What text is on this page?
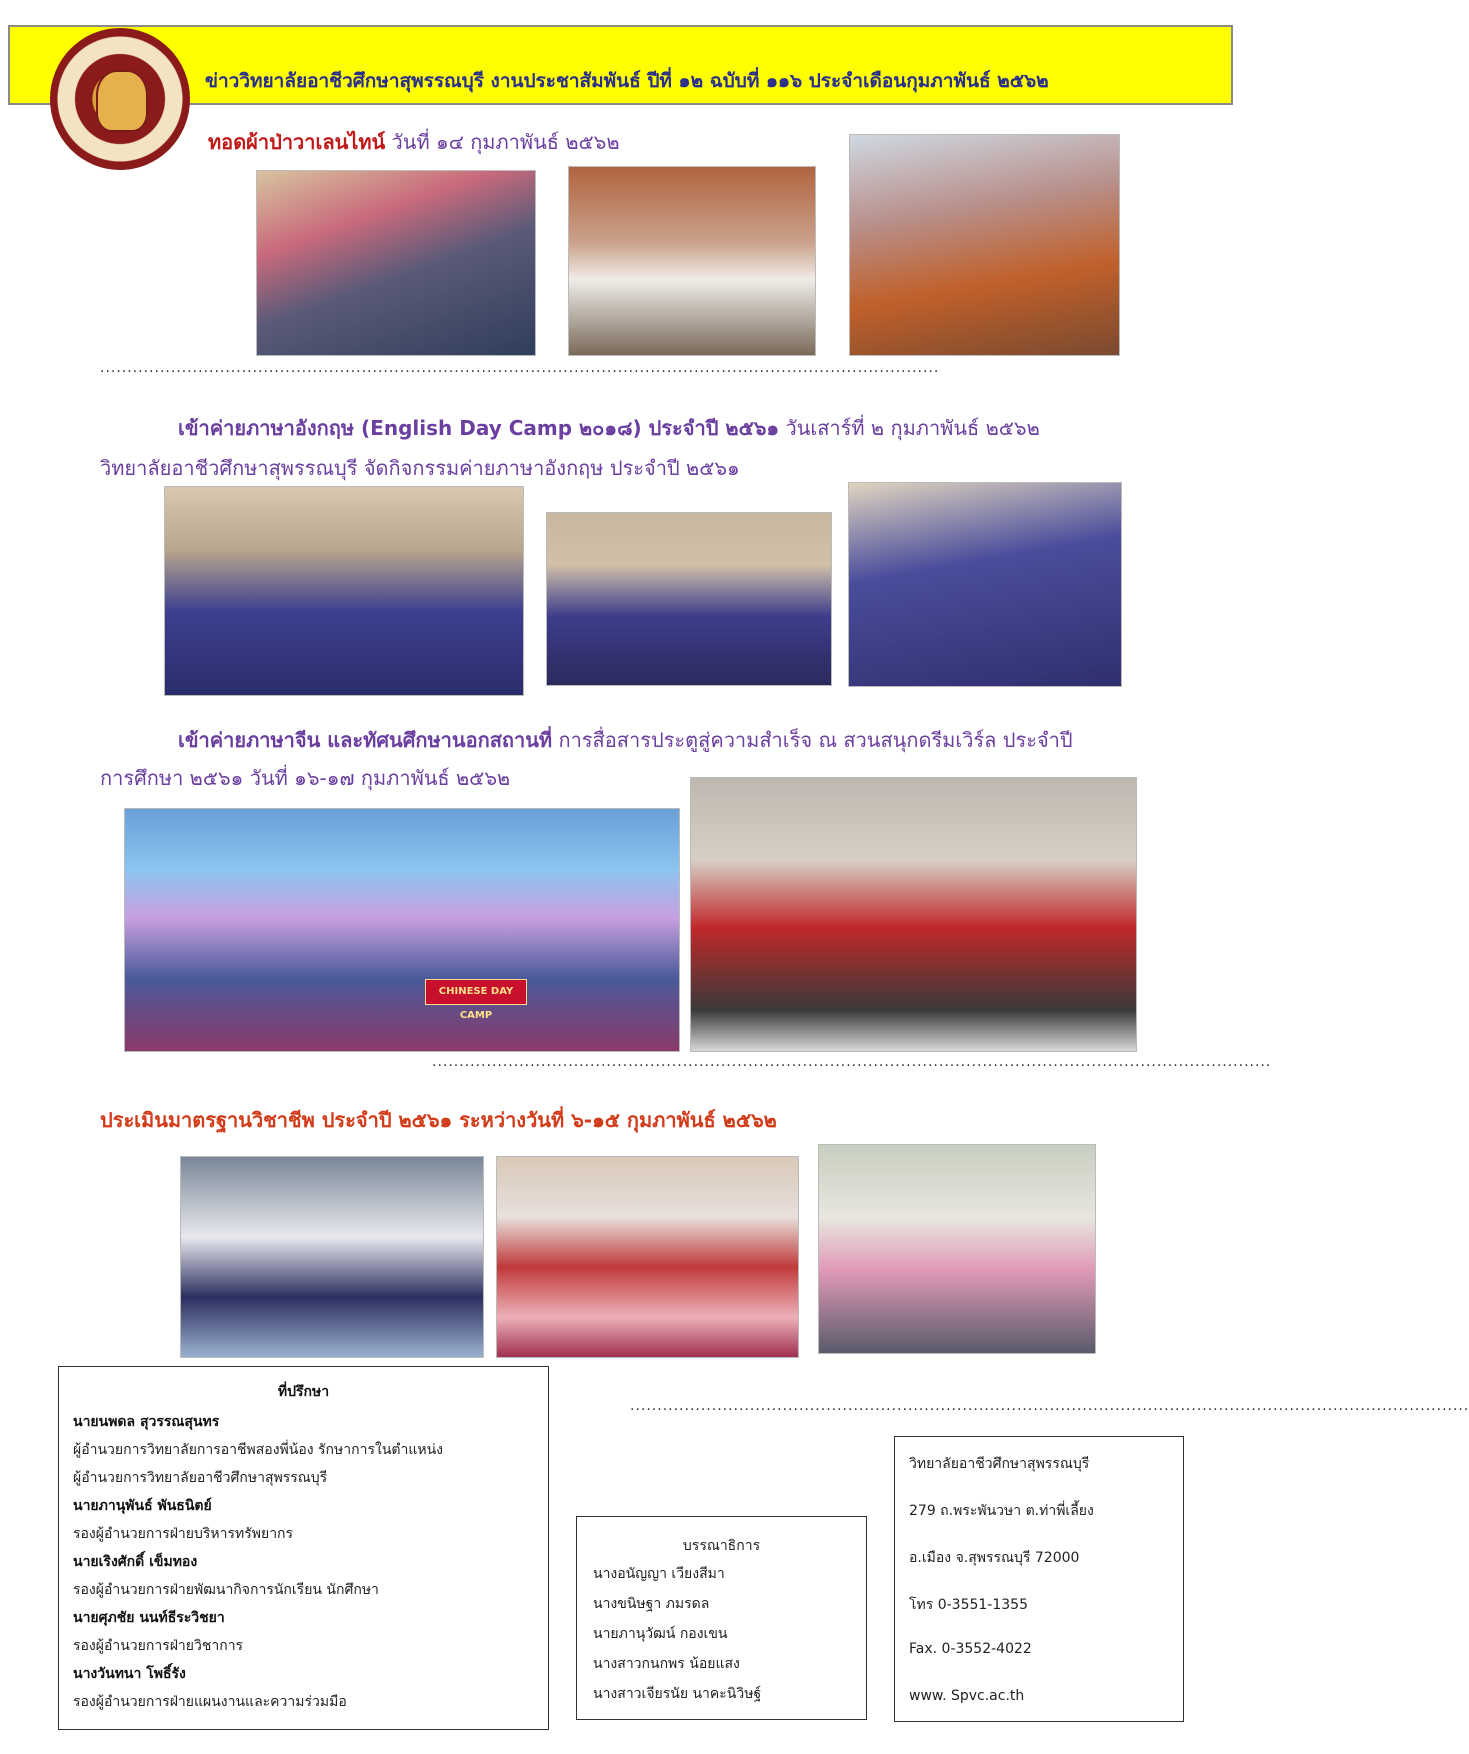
ข่าววิทยาลัยอาชีวศึกษาสุพรรณบุรี งานประชาสัมพันธ์ ปีที่ ๑๒ ฉบับที่ ๑๑๖ ประจำเดือนกุมภาพันธ์ ๒๕๖๒
ทอดผ้าป่าวาเลนไทน์ วันที่ ๑๔ กุมภาพันธ์ ๒๕๖๒
..........................................................................................................................................................
เข้าค่ายภาษาอังกฤษ (English Day Camp ๒๐๑๘) ประจำปี ๒๕๖๑ วันเสาร์ที่ ๒ กุมภาพันธ์ ๒๕๖๒
วิทยาลัยอาชีวศึกษาสุพรรณบุรี จัดกิจกรรมค่ายภาษาอังกฤษ ประจำปี ๒๕๖๑
เข้าค่ายภาษาจีน และทัศนศึกษานอกสถานที่ การสื่อสารประตูสู่ความสำเร็จ ณ สวนสนุกดรีมเวิร์ล ประจำปี
การศึกษา ๒๕๖๑ วันที่ ๑๖-๑๗ กุมภาพันธ์ ๒๕๖๒
CHINESE DAY CAMP
..........................................................................................................................................................
ประเมินมาตรฐานวิชาชีพ ประจำปี ๒๕๖๑ ระหว่างวันที่ ๖-๑๕ กุมภาพันธ์ ๒๕๖๒
..........................................................................................................................................................
ที่ปรึกษา
นายนพดล สุวรรณสุนทร
ผู้อำนวยการวิทยาลัยการอาชีพสองพี่น้อง รักษาการในตำแหน่ง
ผู้อำนวยการวิทยาลัยอาชีวศึกษาสุพรรณบุรี
นายภานุพันธ์ พันธนิตย์
รองผู้อำนวยการฝ่ายบริหารทรัพยากร
นายเริงศักดิ์ เข็มทอง
รองผู้อำนวยการฝ่ายพัฒนากิจการนักเรียน นักศึกษา
นายศุภชัย นนท์ธีระวิชยา
รองผู้อำนวยการฝ่ายวิชาการ
นางวันทนา โพธิ์รัง
รองผู้อำนวยการฝ่ายแผนงานและความร่วมมือ
บรรณาธิการ
นางอนัญญา เวียงสีมา
นางขนิษฐา ภมรดล
นายภานุวัฒน์ กองเขน
นางสาวกนกพร น้อยแสง
นางสาวเจียรนัย นาคะนิวิษฐ์
วิทยาลัยอาชีวศึกษาสุพรรณบุรี
279 ถ.พระพันวษา ต.ท่าพี่เลี้ยง
อ.เมือง จ.สุพรรณบุรี 72000
โทร 0-3551-1355
Fax. 0-3552-4022
www. Spvc.ac.th
